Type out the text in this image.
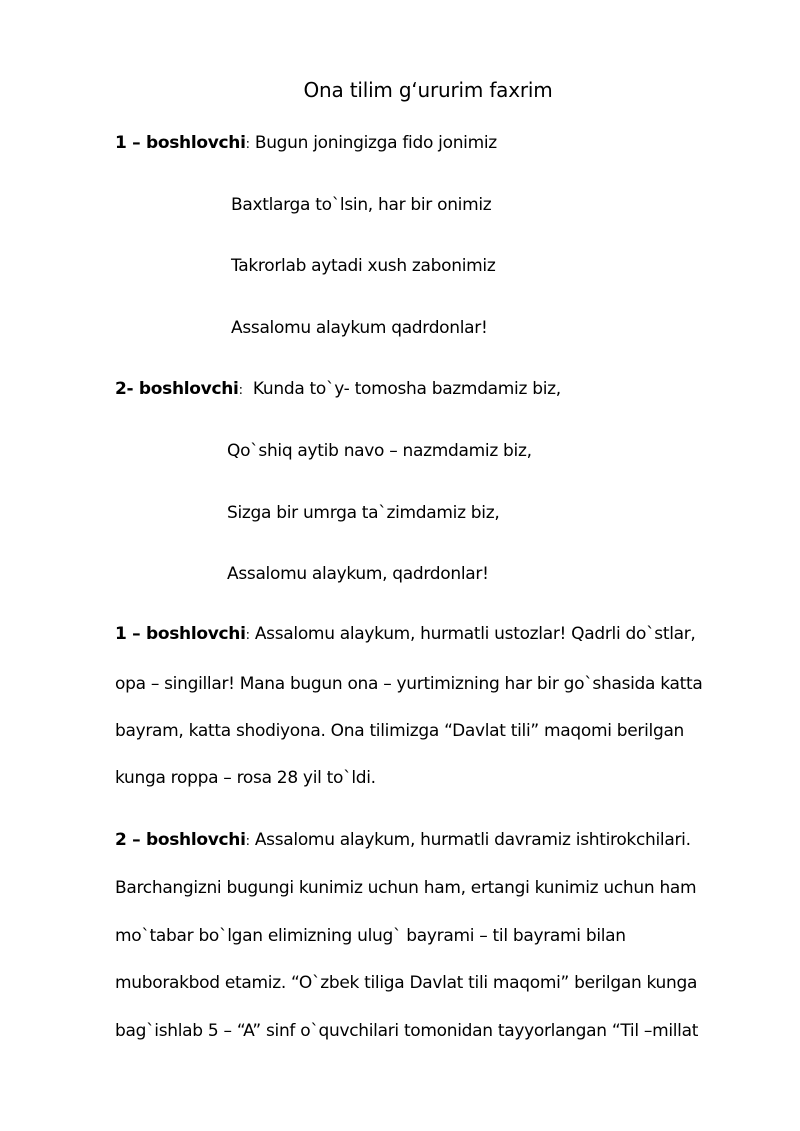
Ona tilim g‘ururim faxrim
1 – boshlovchi: Bugun joningizga fido jonimiz
Baxtlarga to`lsin, har bir onimiz
Takrorlab aytadi xush zabonimiz
Assalomu alaykum qadrdonlar!
2- boshlovchi: Kunda to`y- tomosha bazmdamiz biz,
Qo`shiq aytib navo – nazmdamiz biz,
Sizga bir umrga ta`zimdamiz biz,
Assalomu alaykum, qadrdonlar!
1 – boshlovchi: Assalomu alaykum, hurmatli ustozlar! Qadrli do`stlar,
opa – singillar! Mana bugun ona – yurtimizning har bir go`shasida katta
bayram, katta shodiyona. Ona tilimizga “Davlat tili” maqomi berilgan
kunga roppa – rosa 28 yil to`ldi.
2 – boshlovchi: Assalomu alaykum, hurmatli davramiz ishtirokchilari.
Barchangizni bugungi kunimiz uchun ham, ertangi kunimiz uchun ham
mo`tabar bo`lgan elimizning ulug` bayrami – til bayrami bilan
muborakbod etamiz. “O`zbek tiliga Davlat tili maqomi” berilgan kunga
bag`ishlab 5 – “A” sinf o`quvchilari tomonidan tayyorlangan “Til –millat
